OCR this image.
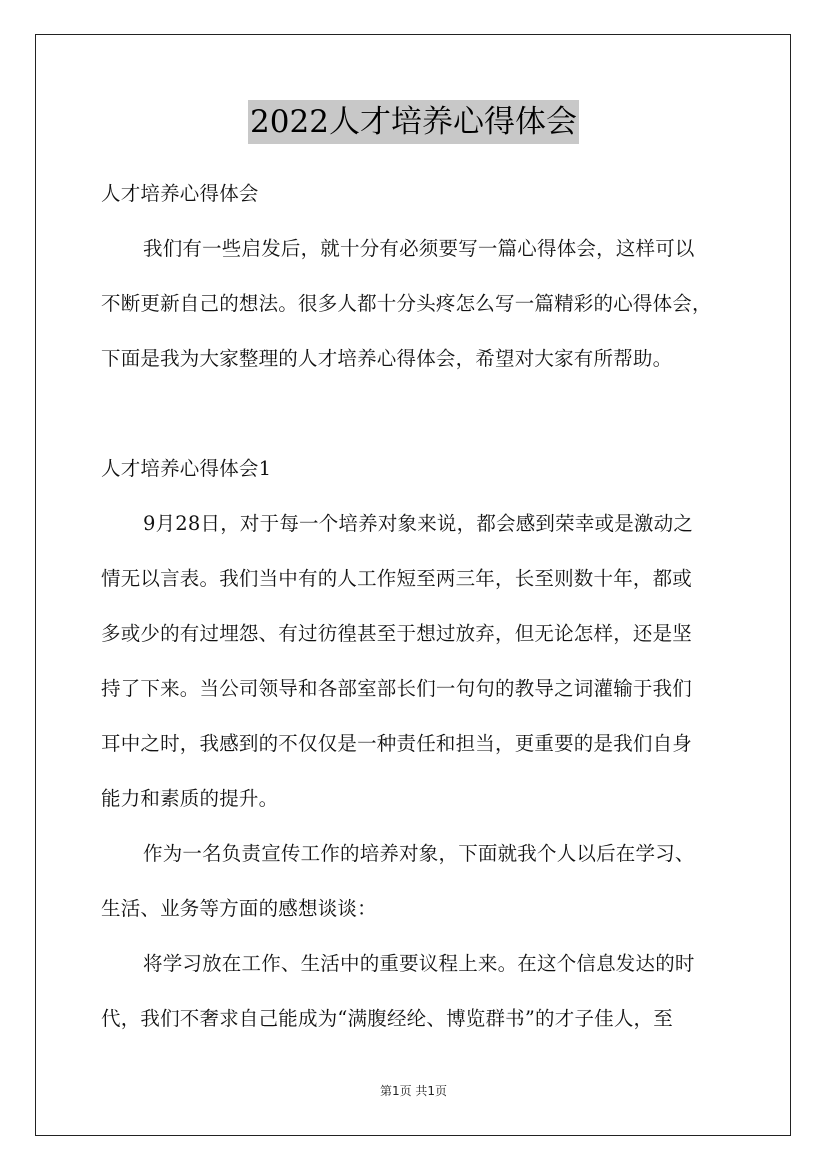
2022人才培养心得体会
人才培养心得体会
我们有一些启发后，就十分有必须要写一篇心得体会，这样可以
不断更新自己的想法。很多人都十分头疼怎么写一篇精彩的心得体会，
下面是我为大家整理的人才培养心得体会，希望对大家有所帮助。
人才培养心得体会1
9月28日，对于每一个培养对象来说，都会感到荣幸或是激动之
情无以言表。我们当中有的人工作短至两三年，长至则数十年，都或
多或少的有过埋怨、有过彷徨甚至于想过放弃，但无论怎样，还是坚
持了下来。当公司领导和各部室部长们一句句的教导之词灌输于我们
耳中之时，我感到的不仅仅是一种责任和担当，更重要的是我们自身
能力和素质的提升。
作为一名负责宣传工作的培养对象，下面就我个人以后在学习、
生活、业务等方面的感想谈谈：
将学习放在工作、生活中的重要议程上来。在这个信息发达的时
代，我们不奢求自己能成为“满腹经纶、博览群书”的才子佳人，至
第1页 共1页
